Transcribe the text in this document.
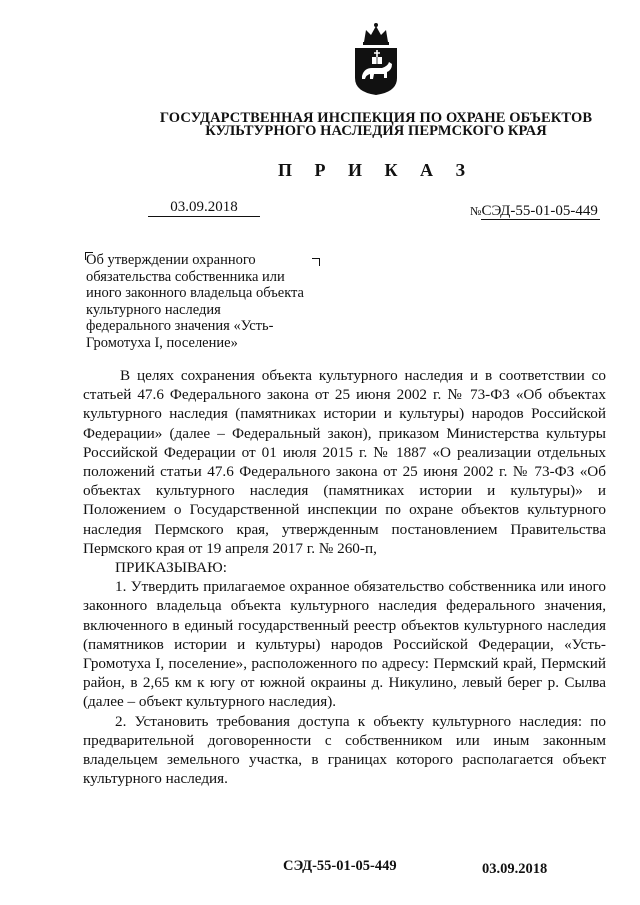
ГОСУДАРСТВЕННАЯ ИНСПЕКЦИЯ ПО ОХРАНЕ ОБЪЕКТОВ
КУЛЬТУРНОГО НАСЛЕДИЯ ПЕРМСКОГО КРАЯ
П Р И К А З
03.09.2018	№СЭД-55-01-05-449
Об утверждении охранного обязательства собственника или иного законного владельца объекта культурного наследия федерального значения «Усть-Громотуха I, поселение»

В целях сохранения объекта культурного наследия и в соответствии со статьей 47.6 Федерального закона от 25 июня 2002 г. № 73-ФЗ «Об объектах культурного наследия (памятниках истории и культуры) народов Российской Федерации» (далее – Федеральный закон), приказом Министерства культуры Российской Федерации от 01 июля 2015 г. № 1887 «О реализации отдельных положений статьи 47.6 Федерального закона от 25 июня 2002 г. № 73-ФЗ «Об объектах культурного наследия (памятниках истории и культуры)» и Положением о Государственной инспекции по охране объектов культурного наследия Пермского края, утвержденным постановлением Правительства Пермского края от 19 апреля 2017 г. № 260-п,

ПРИКАЗЫВАЮ:

1. Утвердить прилагаемое охранное обязательство собственника или иного законного владельца объекта культурного наследия федерального значения, включенного в единый государственный реестр объектов культурного наследия (памятников истории и культуры) народов Российской Федерации, «Усть-Громотуха I, поселение», расположенного по адресу: Пермский край, Пермский район, в 2,65 км к югу от южной окраины д. Никулино, левый берег р. Сылва (далее – объект культурного наследия).

2. Установить требования доступа к объекту культурного наследия: по предварительной договоренности с собственником или иным законным владельцем земельного участка, в границах которого располагается объект культурного наследия.

СЭД-55-01-05-449	03.09.2018
